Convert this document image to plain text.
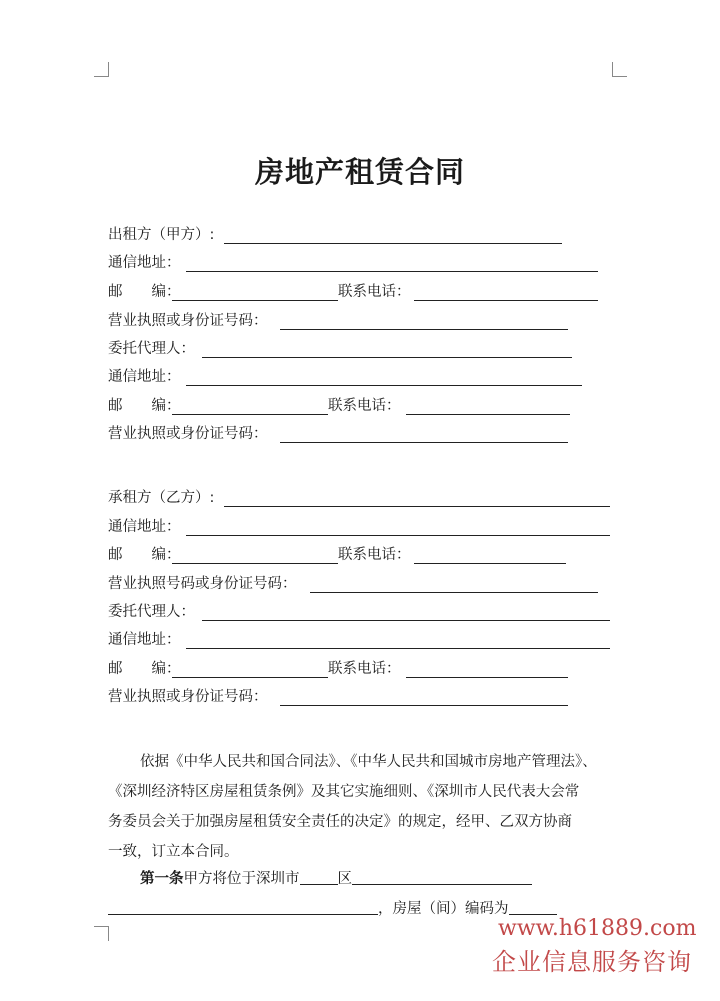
房地产租赁合同
出租方（甲方）:
通信地址：
邮　　编：	联系电话：
营业执照或身份证号码：
委托代理人：
通信地址：
邮　　编：	联系电话：
营业执照或身份证号码：
承租方（乙方）:
通信地址：
邮　　编：	联系电话：
营业执照号码或身份证号码：
委托代理人：
通信地址：
邮　　编：	联系电话：
营业执照或身份证号码：
依据《中华人民共和国合同法》、《中华人民共和国城市房地产管理法》、
《深圳经济特区房屋租赁条例》及其它实施细则、《深圳市人民代表大会常
务委员会关于加强房屋租赁安全责任的决定》的规定，经甲、乙双方协商
一致，订立本合同。
第一条甲方将位于深圳市	区
，房屋（间）编码为
www.h61889.com
企业信息服务咨询
